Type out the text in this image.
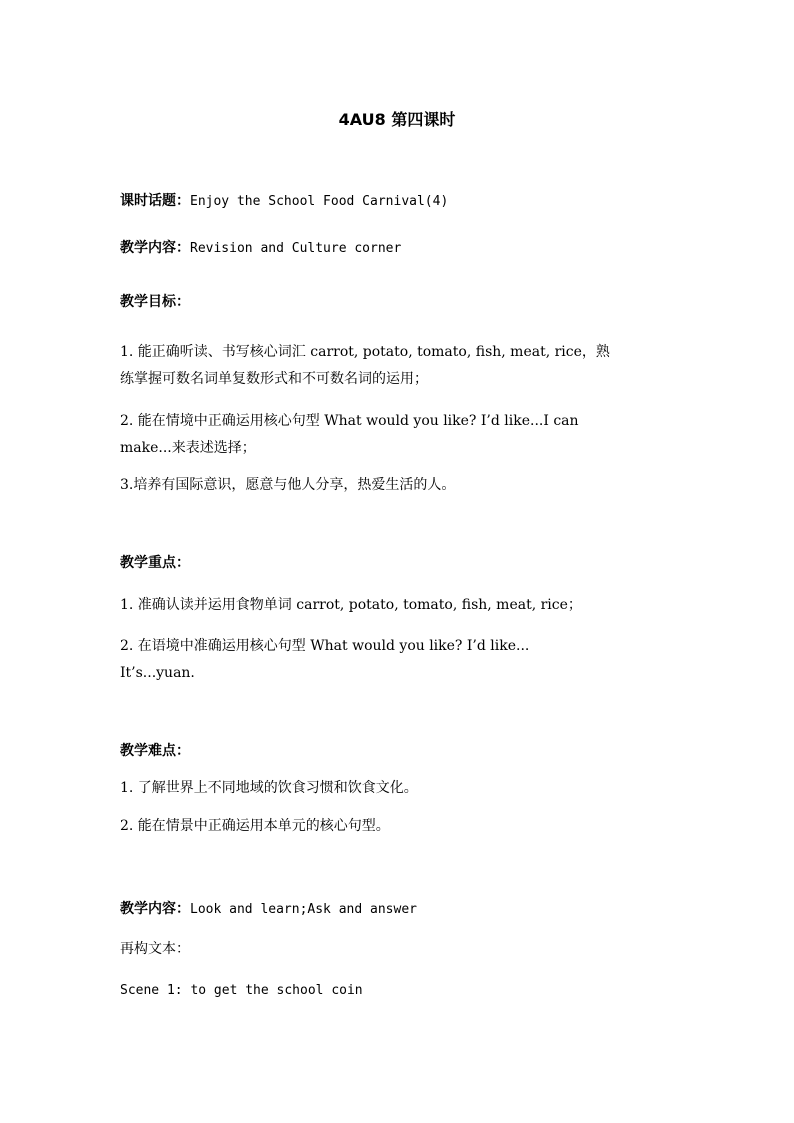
4AU8 第四课时
课时话题：Enjoy the School Food Carnival(4)
教学内容：Revision and Culture corner
教学目标：
1. 能正确听读、书写核心词汇 carrot, potato, tomato, fish, meat, rice，熟
练掌握可数名词单复数形式和不可数名词的运用；
2. 能在情境中正确运用核心句型 What would you like? I’d like...I can
make...来表述选择；
3.培养有国际意识，愿意与他人分享，热爱生活的人。
教学重点：
1. 准确认读并运用食物单词 carrot, potato, tomato, fish, meat, rice；
2. 在语境中准确运用核心句型 What would you like? I’d like...
It’s...yuan.
教学难点：
1. 了解世界上不同地域的饮食习惯和饮食文化。
2. 能在情景中正确运用本单元的核心句型。
教学内容：Look and learn;Ask and answer
再构文本：
Scene 1: to get the school coin
